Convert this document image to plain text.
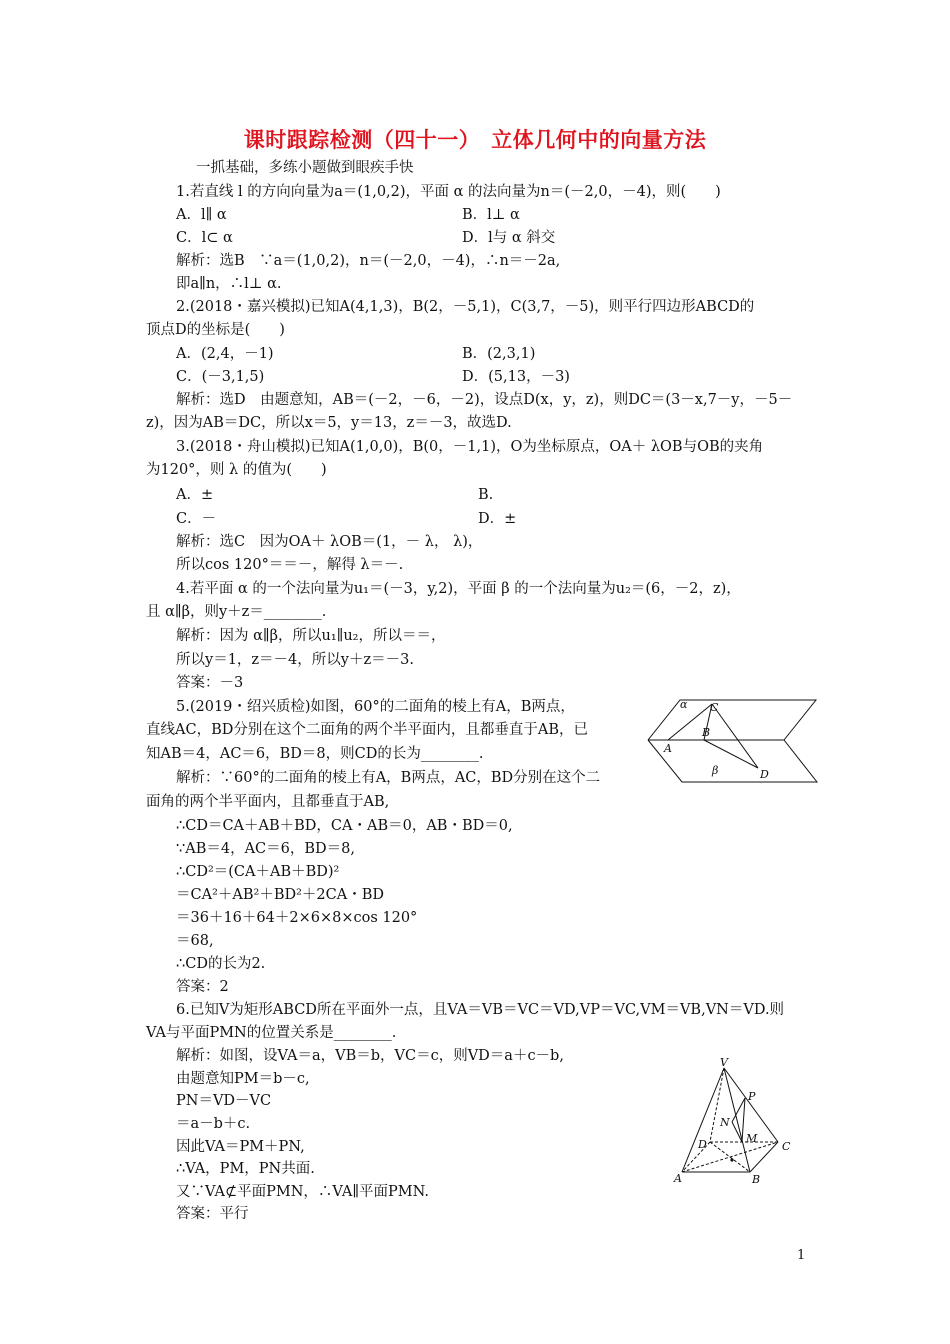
课时跟踪检测（四十一）　立体几何中的向量方法
一抓基础，多练小题做到眼疾手快
1.若直线 l 的方向向量为a＝(1,0,2)，平面 α 的法向量为n＝(－2,0，－4)，则(　　)
A．l∥ α	B．l⊥ α
C．l⊂ α	D．l与 α 斜交
解析：选B　∵a＝(1,0,2)，n＝(－2,0，－4)，∴n＝－2a,
即a∥n，∴l⊥ α.
2.(2018・嘉兴模拟)已知A(4,1,3)，B(2，－5,1)，C(3,7，－5)，则平行四边形ABCD的
顶点D的坐标是(　　)
A．(2,4，－1)	B．(2,3,1)
C．(－3,1,5)	D．(5,13，－3)
解析：选D　由题意知，AB＝(－2，－6，－2)，设点D(x，y，z)，则DC＝(3－x,7－y，－5－
z)，因为AB＝DC，所以x＝5，y＝13，z＝－3，故选D.
3.(2018・舟山模拟)已知A(1,0,0)，B(0，－1,1)，O为坐标原点，OA＋ λOB与OB的夹角
为120°，则 λ 的值为(　　)
A．±	B.
C．－	D．±
解析：选C　因为OA＋ λOB＝(1，－ λ， λ)，
所以cos 120°＝＝－，解得 λ＝－.
4.若平面 α 的一个法向量为u₁＝(－3，y,2)，平面 β 的一个法向量为u₂＝(6，－2，z)，
且 α∥β，则y＋z＝________.
解析：因为 α∥β，所以u₁∥u₂，所以＝＝，
所以y＝1，z＝－4，所以y＋z＝－3.
答案：－3
5.(2019・绍兴质检)如图，60°的二面角的棱上有A，B两点，
直线AC，BD分别在这个二面角的两个半平面内，且都垂直于AB，已
知AB＝4，AC＝6，BD＝8，则CD的长为________.
解析：∵60°的二面角的棱上有A，B两点，AC，BD分别在这个二
面角的两个半平面内，且都垂直于AB,
∴CD＝CA＋AB＋BD，CA・AB＝0，AB・BD＝0,
∵AB＝4，AC＝6，BD＝8,
∴CD²＝(CA＋AB＋BD)²
＝CA²＋AB²＋BD²＋2CA・BD
＝36＋16＋64＋2×6×8×cos 120°
＝68,
∴CD的长为2.
答案：2
α
β
A
B
C
D
6.已知V为矩形ABCD所在平面外一点，且VA＝VB＝VC＝VD,VP＝VC,VM＝VB,VN＝VD.则
VA与平面PMN的位置关系是________.
解析：如图，设VA＝a，VB＝b，VC＝c，则VD＝a＋c－b,
由题意知PM＝b－c,
PN＝VD－VC
＝a－b＋c.
因此VA＝PM＋PN,
∴VA，PM，PN共面.
又∵VA⊄平面PMN，∴VA∥平面PMN.
答案：平行
V
P
N
M
D	C
A	B
1
